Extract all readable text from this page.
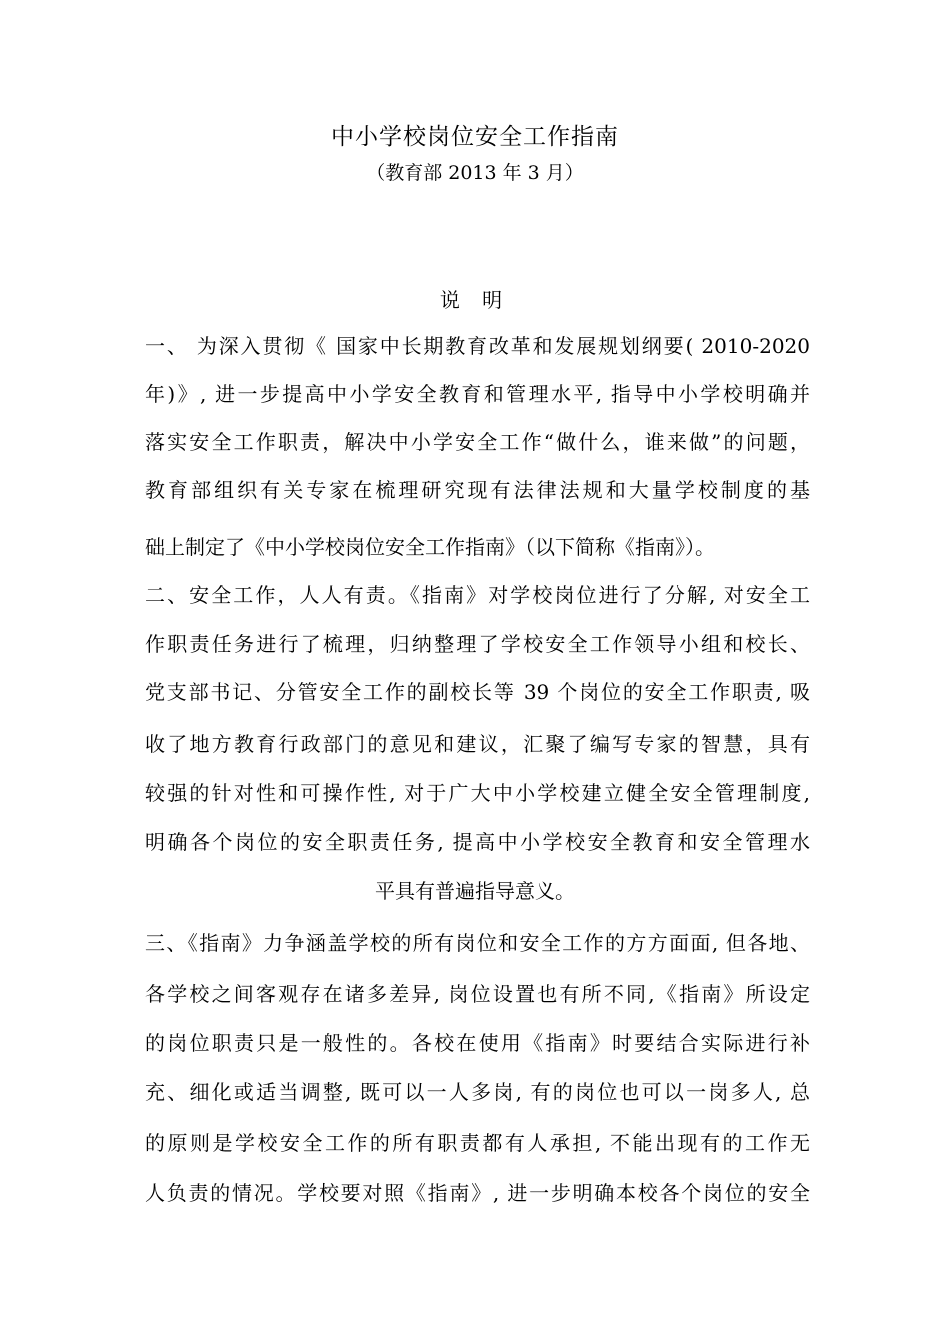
中小学校岗位安全工作指南
（教育部 2013 年 3 月）
说 明
一、 为深入贯彻《 国家中长期教育改革和发展规划纲要( 2010-2020
年)》, 进一步提高中小学安全教育和管理水平, 指导中小学校明确并
落实安全工作职责，解决中小学安全工作“做什么，谁来做”的问题，
教育部组织有关专家在梳理研究现有法律法规和大量学校制度的基
础上制定了《中小学校岗位安全工作指南》（以下简称《指南》）。
二、安全工作，人人有责。《指南》对学校岗位进行了分解, 对安全工
作职责任务进行了梳理，归纳整理了学校安全工作领导小组和校长、
党支部书记、分管安全工作的副校长等 39 个岗位的安全工作职责, 吸
收了地方教育行政部门的意见和建议，汇聚了编写专家的智慧，具有
较强的针对性和可操作性, 对于广大中小学校建立健全安全管理制度,
明确各个岗位的安全职责任务, 提高中小学校安全教育和安全管理水
平具有普遍指导意义。
三、《指南》力争涵盖学校的所有岗位和安全工作的方方面面, 但各地、
各学校之间客观存在诸多差异, 岗位设置也有所不同,《指南》所设定
的岗位职责只是一般性的。各校在使用《指南》时要结合实际进行补
充、细化或适当调整, 既可以一人多岗, 有的岗位也可以一岗多人, 总
的原则是学校安全工作的所有职责都有人承担, 不能出现有的工作无
人负责的情况。学校要对照《指南》, 进一步明确本校各个岗位的安全
